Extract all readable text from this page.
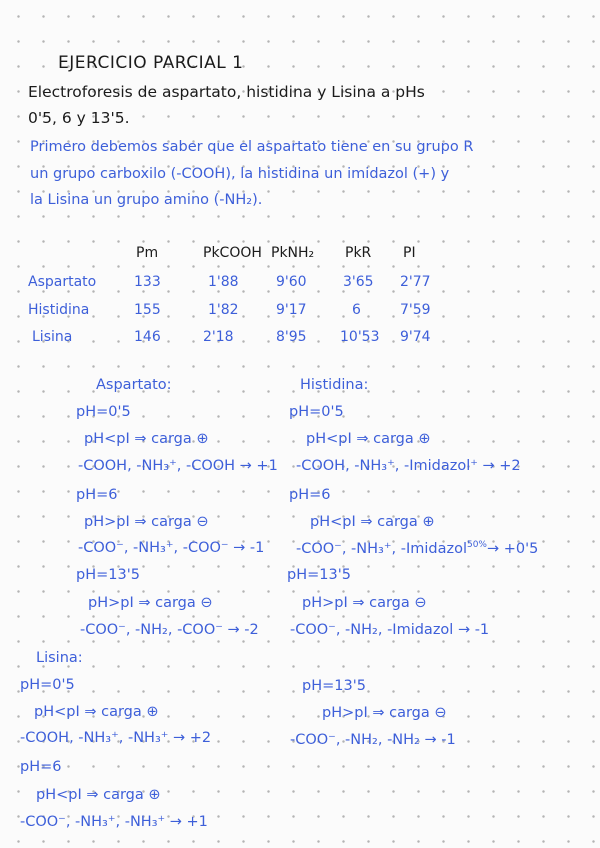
EJERCICIO PARCIAL 1
Electroforesis de aspartato, histidina y Lisina a pHs
0'5, 6 y 13'5.
Primero debemos saber que el aspartato tiene en su grupo R
un grupo carboxilo (-COOH), la histidina un imidazol (+) y
la Lisina un grupo amino (-NH₂).
Pm	PkCOOH PkNH₂ PkR PI
Aspartato	133	1'88	9'60	3'65 2'77
Histidina	155	1'82	9'17	6	7'59
Lisina	146	2'18	8'95 10'53 9'74
Aspartato:
pH=0'5
pH<pI ⇒ carga ⊕
-COOH, -NH₃⁺, -COOH → +1
pH=6
pH>pI ⇒ carga ⊖
-COO⁻, -NH₃⁺, -COO⁻ → -1
pH=13'5
pH>pI ⇒ carga ⊖
-COO⁻, -NH₂, -COO⁻ → -2
Histidina:
pH=0'5
pH<pI ⇒ carga ⊕
-COOH, -NH₃⁺, -Imidazol⁺ → +2
pH=6
pH<pI ⇒ carga ⊕
-COO⁻, -NH₃⁺, -Imidazol$^{50\%}$→ +0'5
pH=13'5
pH>pI ⇒ carga ⊖
-COO⁻, -NH₂, -Imidazol → -1
Lisina:
pH=0'5
pH<pI ⇒ carga ⊕
-COOH, -NH₃⁺, -NH₃⁺ → +2
pH=6
pH<pI ⇒ carga ⊕
-COO⁻, -NH₃⁺, -NH₃⁺ → +1
pH=13'5
pH>pI ⇒ carga ⊖
-COO⁻, -NH₂, -NH₂ → -1
